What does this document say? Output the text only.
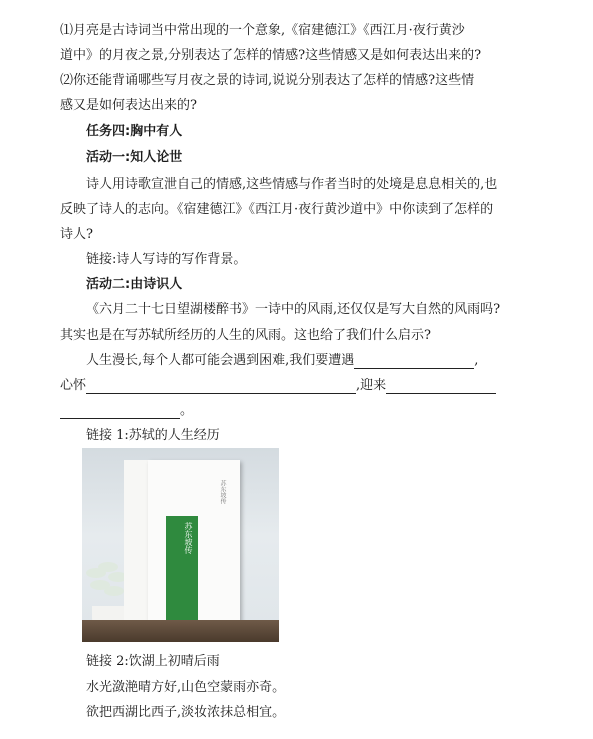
⑴月亮是古诗词当中常出现的一个意象,《宿建德江》《西江月·夜行黄沙
道中》的月夜之景,分别表达了怎样的情感?这些情感又是如何表达出来的?
⑵你还能背诵哪些写月夜之景的诗词,说说分别表达了怎样的情感?这些情
感又是如何表达出来的?
任务四:胸中有人
活动一:知人论世
诗人用诗歌宣泄自己的情感,这些情感与作者当时的处境是息息相关的,也
反映了诗人的志向。《宿建德江》《西江月·夜行黄沙道中》中你读到了怎样的
诗人?
链接:诗人写诗的写作背景。
活动二:由诗识人
《六月二十七日望湖楼醉书》一诗中的风雨,还仅仅是写大自然的风雨吗?
其实也是在写苏轼所经历的人生的风雨。这也给了我们什么启示?
人生漫长,每个人都可能会遇到困难,我们要遭遇	,
心怀	,迎来
。
链接 1:苏轼的人生经历
苏东坡传
苏东坡传
链接 2:饮湖上初晴后雨
水光潋滟晴方好,山色空蒙雨亦奇。
欲把西湖比西子,淡妆浓抹总相宜。
